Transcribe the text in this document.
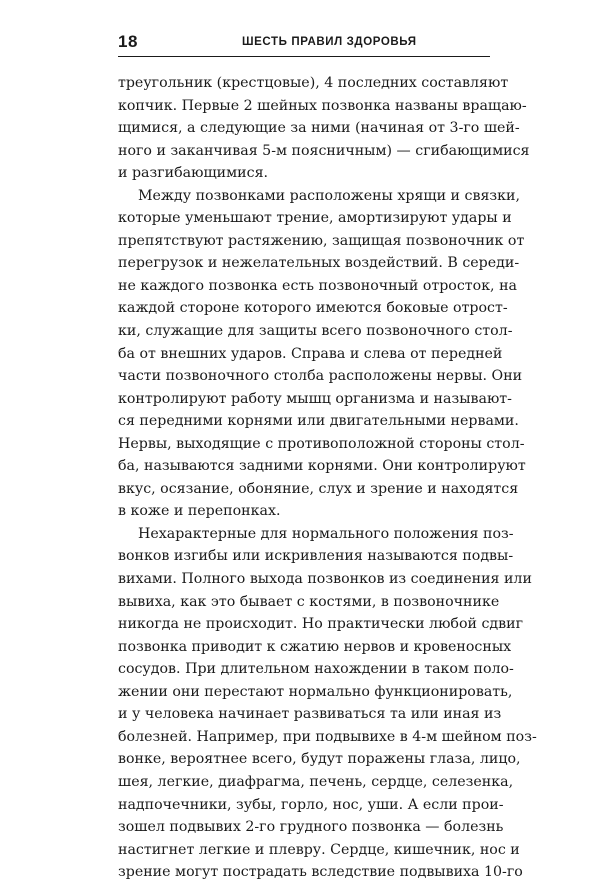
18	ШЕСТЬ ПРАВИЛ ЗДОРОВЬЯ
треугольник (крестцовые), 4 последних составляют
копчик. Первые 2 шейных позвонка названы вращаю-
щимися, а следующие за ними (начиная от 3-го шей-
ного и заканчивая 5-м поясничным) — сгибающимися
и разгибающимися.
Между позвонками расположены хрящи и связки,
которые уменьшают трение, амортизируют удары и
препятствуют растяжению, защищая позвоночник от
перегрузок и нежелательных воздействий. В середи-
не каждого позвонка есть позвоночный отросток, на
каждой стороне которого имеются боковые отрост-
ки, служащие для защиты всего позвоночного стол-
ба от внешних ударов. Справа и слева от передней
части позвоночного столба расположены нервы. Они
контролируют работу мышц организма и называют-
ся передними корнями или двигательными нервами.
Нервы, выходящие с противоположной стороны стол-
ба, называются задними корнями. Они контролируют
вкус, осязание, обоняние, слух и зрение и находятся
в коже и перепонках.
Нехарактерные для нормального положения поз-
вонков изгибы или искривления называются подвы-
вихами. Полного выхода позвонков из соединения или
вывиха, как это бывает с костями, в позвоночнике
никогда не происходит. Но практически любой сдвиг
позвонка приводит к сжатию нервов и кровеносных
сосудов. При длительном нахождении в таком поло-
жении они перестают нормально функционировать,
и у человека начинает развиваться та или иная из
болезней. Например, при подвывихе в 4-м шейном поз-
вонке, вероятнее всего, будут поражены глаза, лицо,
шея, легкие, диафрагма, печень, сердце, селезенка,
надпочечники, зубы, горло, нос, уши. А если прои-
зошел подвывих 2-го грудного позвонка — болезнь
настигнет легкие и плевру. Сердце, кишечник, нос и
зрение могут пострадать вследствие подвывиха 10-го
